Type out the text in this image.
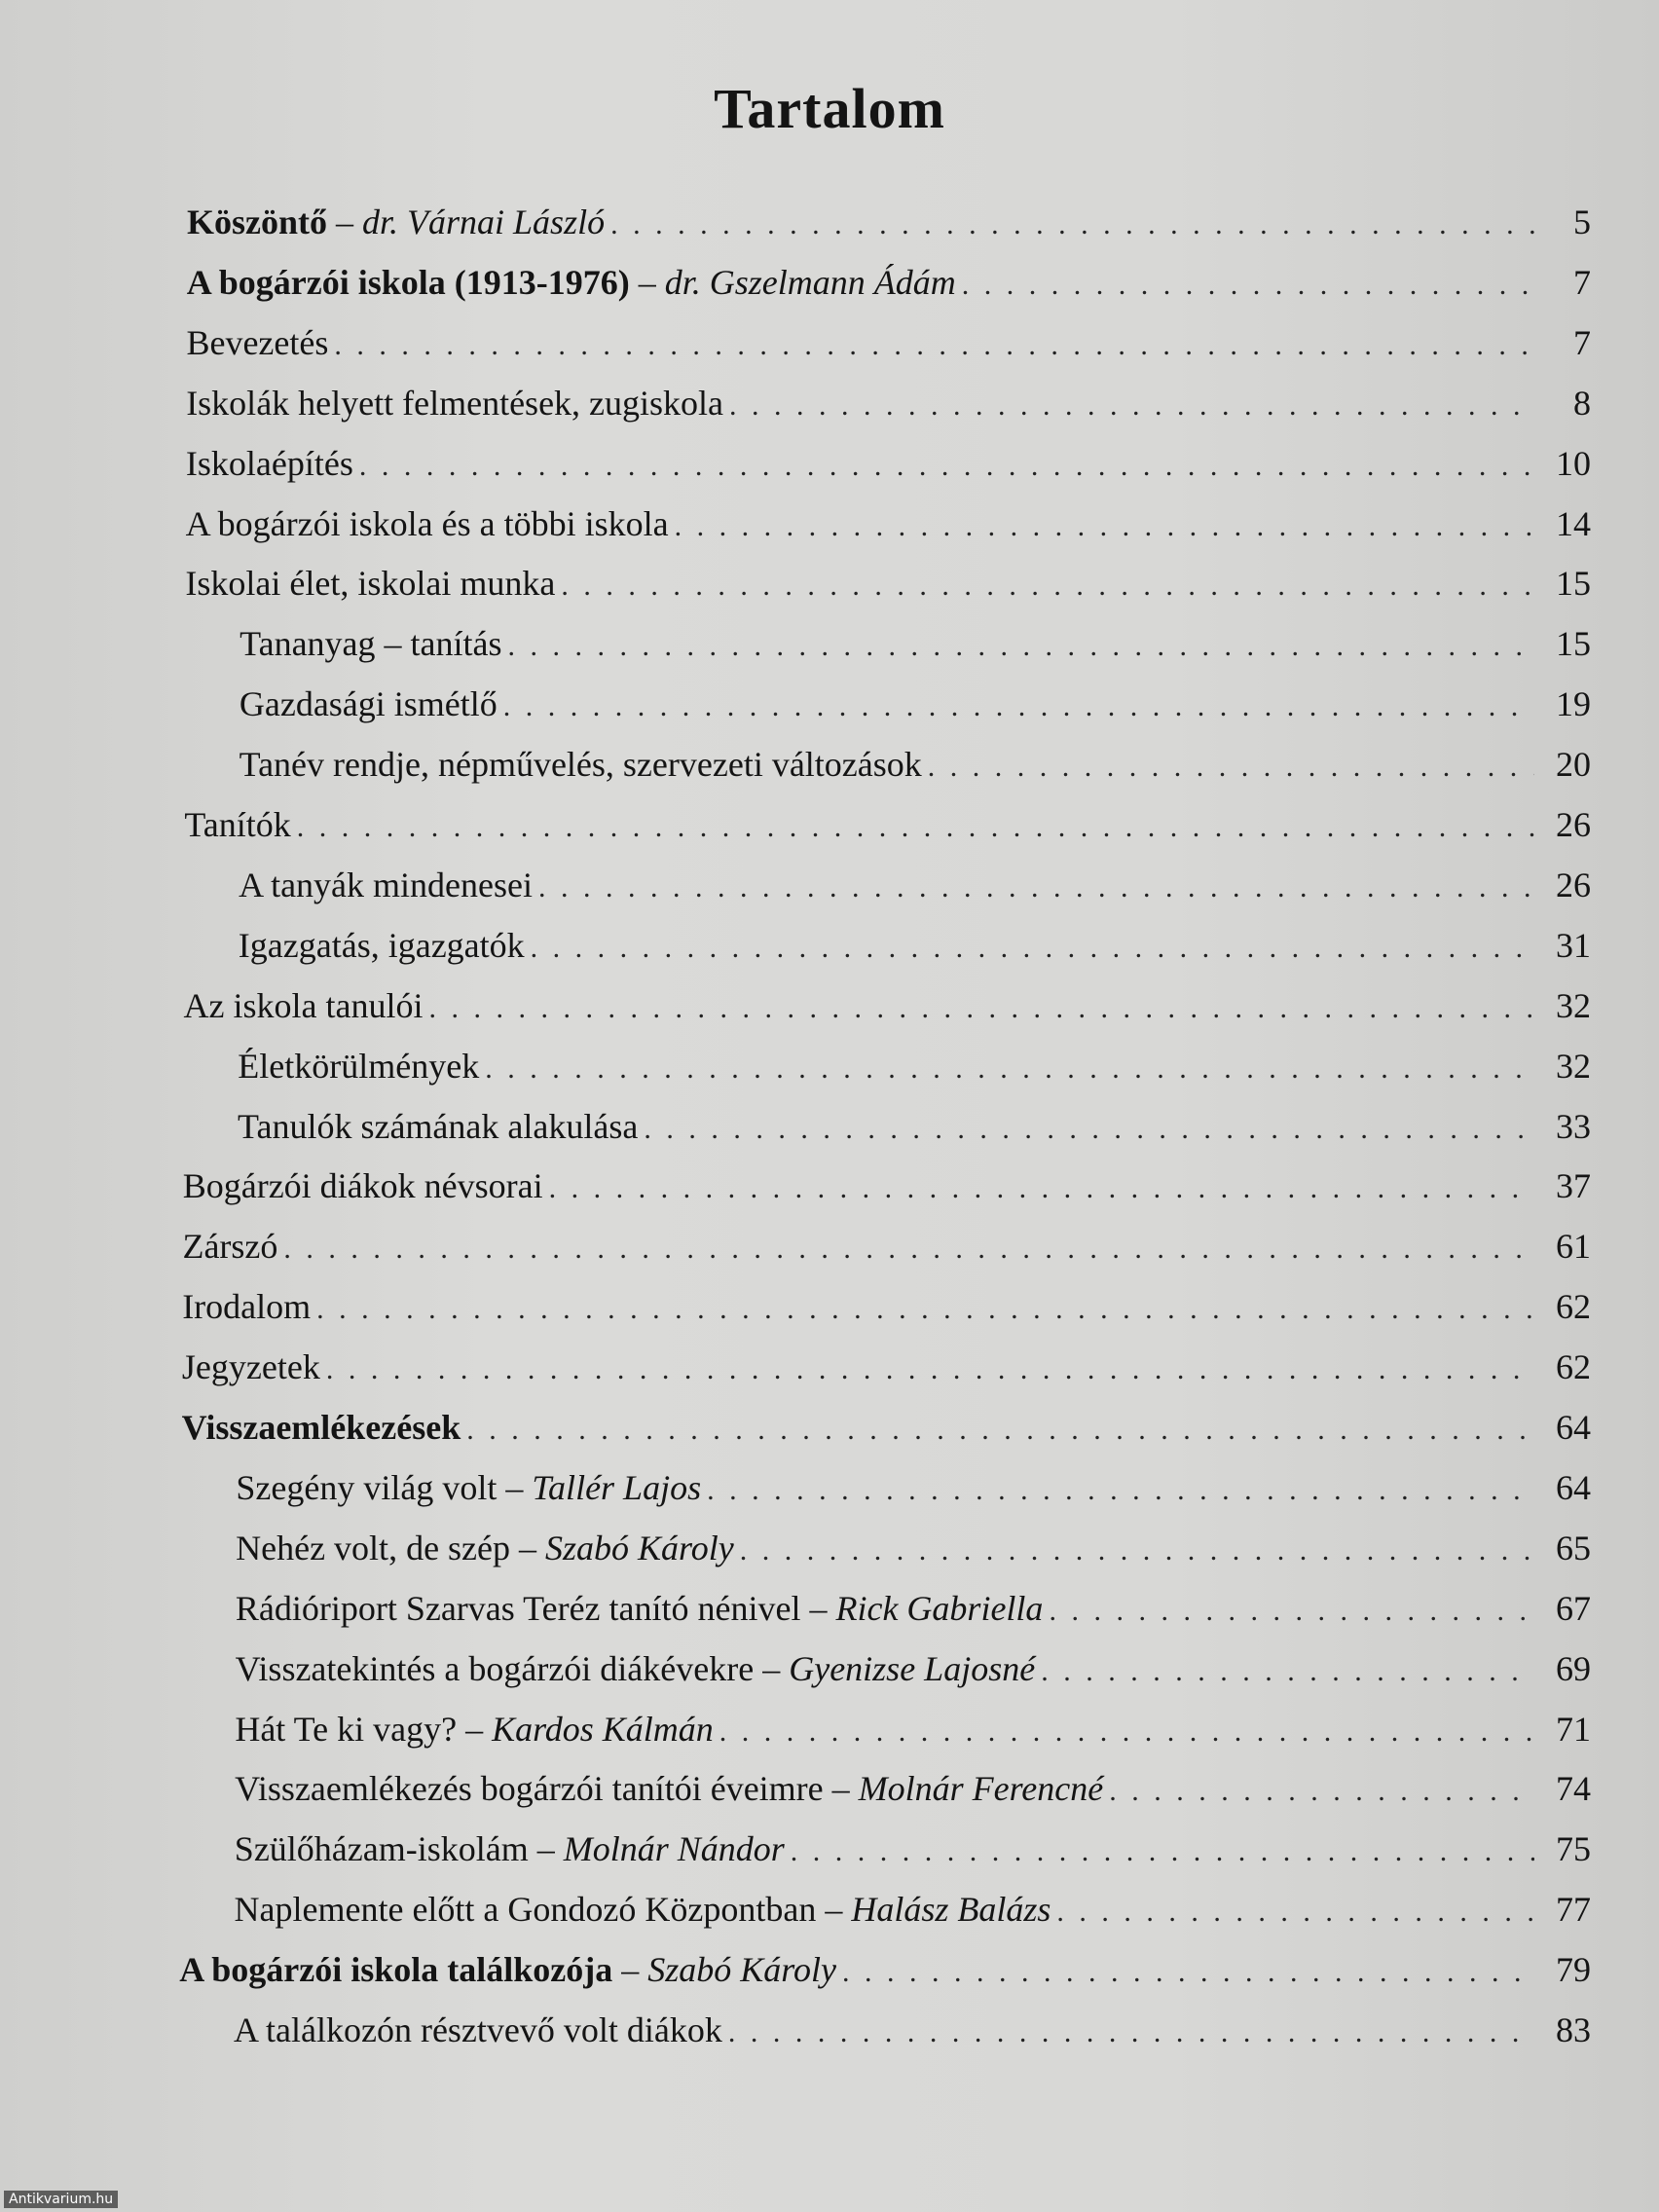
Tartalom
Köszöntő – dr. Várnai László . . .	5
A bogárzói iskola (1913-1976) – dr. Gszelmann Ádám . . .	7
Bevezetés . . .	7
Iskolák helyett felmentések, zugiskola . . .	8
Iskolaépítés . . .	10
A bogárzói iskola és a többi iskola . . .	14
Iskolai élet, iskolai munka . . .	15
Tananyag – tanítás . . .	15
Gazdasági ismétlő . . .	19
Tanév rendje, népművelés, szervezeti változások . . .	20
Tanítók . . .	26
A tanyák mindenesei . . .	26
Igazgatás, igazgatók . . .	31
Az iskola tanulói . . .	32
Életkörülmények . . .	32
Tanulók számának alakulása . . .	33
Bogárzói diákok névsorai . . .	37
Zárszó . . .	61
Irodalom . . .	62
Jegyzetek . . .	62
Visszaemlékezések . . .	64
Szegény világ volt – Tallér Lajos . . .	64
Nehéz volt, de szép – Szabó Károly . . .	65
Rádióriport Szarvas Teréz tanító nénivel – Rick Gabriella . . .	67
Visszatekintés a bogárzói diákévekre – Gyenizse Lajosné . . .	69
Hát Te ki vagy? – Kardos Kálmán . . .	71
Visszaemlékezés bogárzói tanítói éveimre – Molnár Ferencné . . .	74
Szülőházam-iskolám – Molnár Nándor . . .	75
Naplemente előtt a Gondozó Központban – Halász Balázs . . .	77
A bogárzói iskola találkozója – Szabó Károly . . .	79
A találkozón résztvevő volt diákok . . .	83
Antikvarium.hu
